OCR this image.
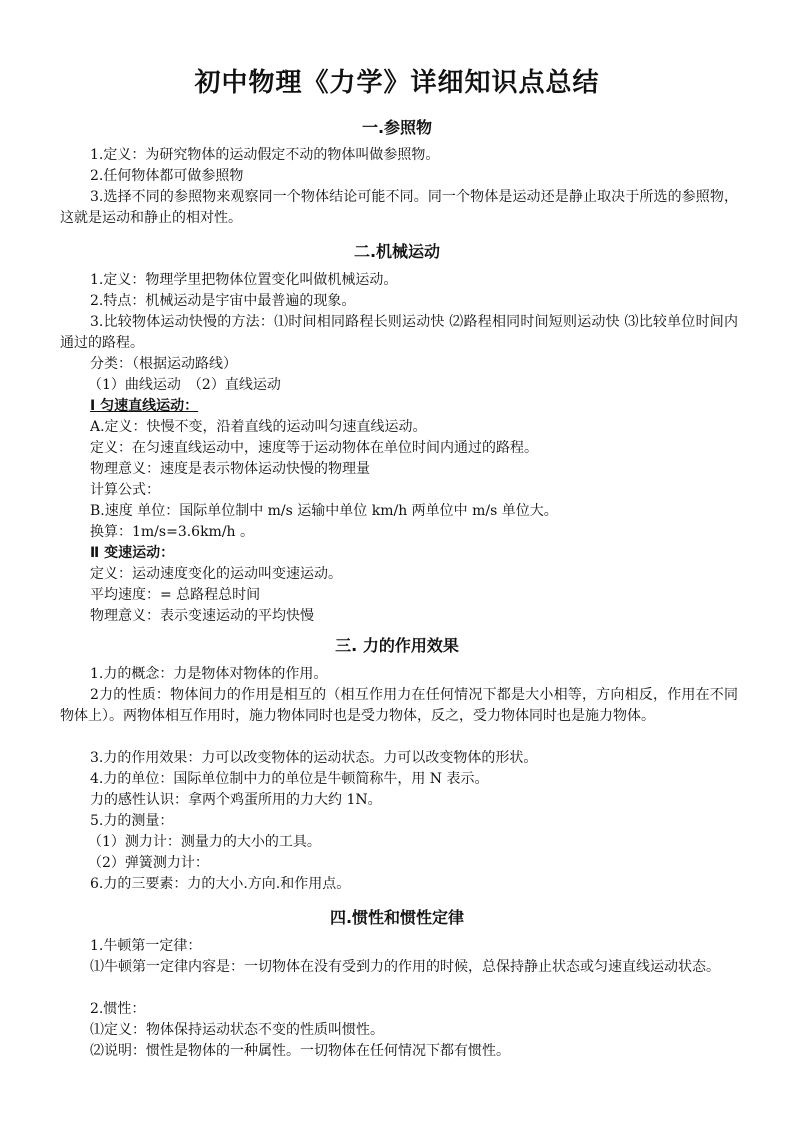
初中物理《力学》详细知识点总结
一.参照物
1.定义：为研究物体的运动假定不动的物体叫做参照物。
2.任何物体都可做参照物
3.选择不同的参照物来观察同一个物体结论可能不同。同一个物体是运动还是静止取决于所选的参照物，这就是运动和静止的相对性。
二.机械运动
1.定义：物理学里把物体位置变化叫做机械运动。
2.特点：机械运动是宇宙中最普遍的现象。
3.比较物体运动快慢的方法：⑴时间相同路程长则运动快 ⑵路程相同时间短则运动快 ⑶比较单位时间内通过的路程。
分类：（根据运动路线）
（1）曲线运动　（2）直线运动
Ⅰ 匀速直线运动：
A.定义：快慢不变，沿着直线的运动叫匀速直线运动。
定义：在匀速直线运动中，速度等于运动物体在单位时间内通过的路程。
物理意义：速度是表示物体运动快慢的物理量
计算公式：
B.速度 单位：国际单位制中 m/s 运输中单位 km/h 两单位中 m/s 单位大。
换算：1m/s=3.6km/h 。
Ⅱ 变速运动：
定义：运动速度变化的运动叫变速运动。
平均速度：= 总路程总时间
物理意义：表示变速运动的平均快慢
三. 力的作用效果
1.力的概念：力是物体对物体的作用。
2力的性质：物体间力的作用是相互的（相互作用力在任何情况下都是大小相等，方向相反，作用在不同物体上）。两物体相互作用时，施力物体同时也是受力物体，反之，受力物体同时也是施力物体。
3.力的作用效果：力可以改变物体的运动状态。力可以改变物体的形状。
4.力的单位：国际单位制中力的单位是牛顿简称牛，用 N 表示。
力的感性认识：拿两个鸡蛋所用的力大约 1N。
5.力的测量：
（1）测力计：测量力的大小的工具。
（2）弹簧测力计：
6.力的三要素：力的大小.方向.和作用点。
四.惯性和惯性定律
1.牛顿第一定律：
⑴牛顿第一定律内容是：一切物体在没有受到力的作用的时候，总保持静止状态或匀速直线运动状态。
2.惯性：
⑴定义：物体保持运动状态不变的性质叫惯性。
⑵说明：惯性是物体的一种属性。一切物体在任何情况下都有惯性。
